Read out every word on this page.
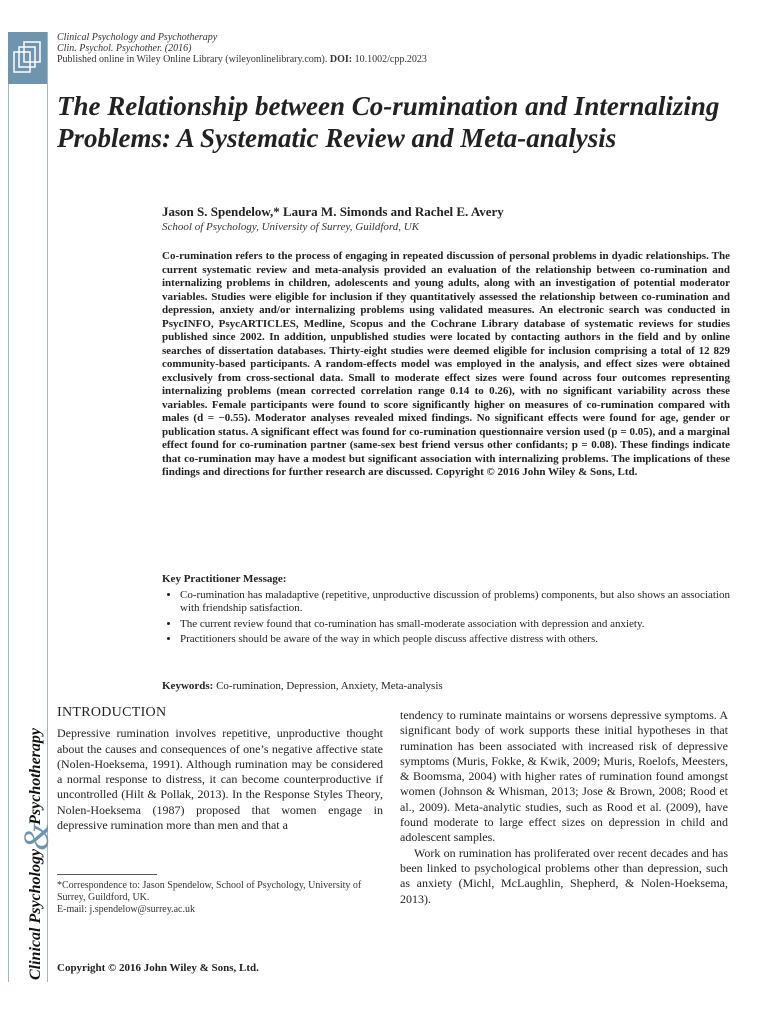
Clinical Psychology&Psychotherapy
Clinical Psychology and Psychotherapy
Clin. Psychol. Psychother. (2016)
Published online in Wiley Online Library (wileyonlinelibrary.com). DOI: 10.1002/cpp.2023
The Relationship between Co-rumination and Internalizing Problems: A Systematic Review and Meta-analysis
Jason S. Spendelow,* Laura M. Simonds and Rachel E. Avery
School of Psychology, University of Surrey, Guildford, UK
Co-rumination refers to the process of engaging in repeated discussion of personal problems in dyadic relationships. The current systematic review and meta-analysis provided an evaluation of the relationship between co-rumination and internalizing problems in children, adolescents and young adults, along with an investigation of potential moderator variables. Studies were eligible for inclusion if they quantitatively assessed the relationship between co-rumination and depression, anxiety and/or internalizing problems using validated measures. An electronic search was conducted in PsycINFO, PsycARTICLES, Medline, Scopus and the Cochrane Library database of systematic reviews for studies published since 2002. In addition, unpublished studies were located by contacting authors in the field and by online searches of dissertation databases. Thirty-eight studies were deemed eligible for inclusion comprising a total of 12 829 community-based participants. A random-effects model was employed in the analysis, and effect sizes were obtained exclusively from cross-sectional data. Small to moderate effect sizes were found across four outcomes representing internalizing problems (mean corrected correlation range 0.14 to 0.26), with no significant variability across these variables. Female participants were found to score significantly higher on measures of co-rumination compared with males (d = −0.55). Moderator analyses revealed mixed findings. No significant effects were found for age, gender or publication status. A significant effect was found for co-rumination questionnaire version used (p = 0.05), and a marginal effect found for co-rumination partner (same-sex best friend versus other confidants; p = 0.08). These findings indicate that co-rumination may have a modest but significant association with internalizing problems. The implications of these findings and directions for further research are discussed. Copyright © 2016 John Wiley & Sons, Ltd.
Key Practitioner Message:
• Co-rumination has maladaptive (repetitive, unproductive discussion of problems) components, but also shows an association with friendship satisfaction.
• The current review found that co-rumination has small-moderate association with depression and anxiety.
• Practitioners should be aware of the way in which people discuss affective distress with others.
Keywords: Co-rumination, Depression, Anxiety, Meta-analysis
INTRODUCTION

Depressive rumination involves repetitive, unproductive thought about the causes and consequences of one’s negative affective state (Nolen-Hoeksema, 1991). Although rumination may be considered a normal response to distress, it can become counterproductive if uncontrolled (Hilt & Pollak, 2013). In the Response Styles Theory, Nolen-Hoeksema (1987) proposed that women engage in depressive rumination more than men and that a

tendency to ruminate maintains or worsens depressive symptoms. A significant body of work supports these initial hypotheses in that rumination has been associated with increased risk of depressive symptoms (Muris, Fokke, & Kwik, 2009; Muris, Roelofs, Meesters, & Boomsma, 2004) with higher rates of rumination found amongst women (Johnson & Whisman, 2013; Jose & Brown, 2008; Rood et al., 2009). Meta-analytic studies, such as Rood et al. (2009), have found moderate to large effect sizes on depression in child and adolescent samples.

Work on rumination has proliferated over recent decades and has been linked to psychological problems other than depression, such as anxiety (Michl, McLaughlin, Shepherd, & Nolen-Hoeksema, 2013).

*Correspondence to: Jason Spendelow, School of Psychology, University of Surrey, Guildford, UK.
E-mail: j.spendelow@surrey.ac.uk
Copyright © 2016 John Wiley & Sons, Ltd.
